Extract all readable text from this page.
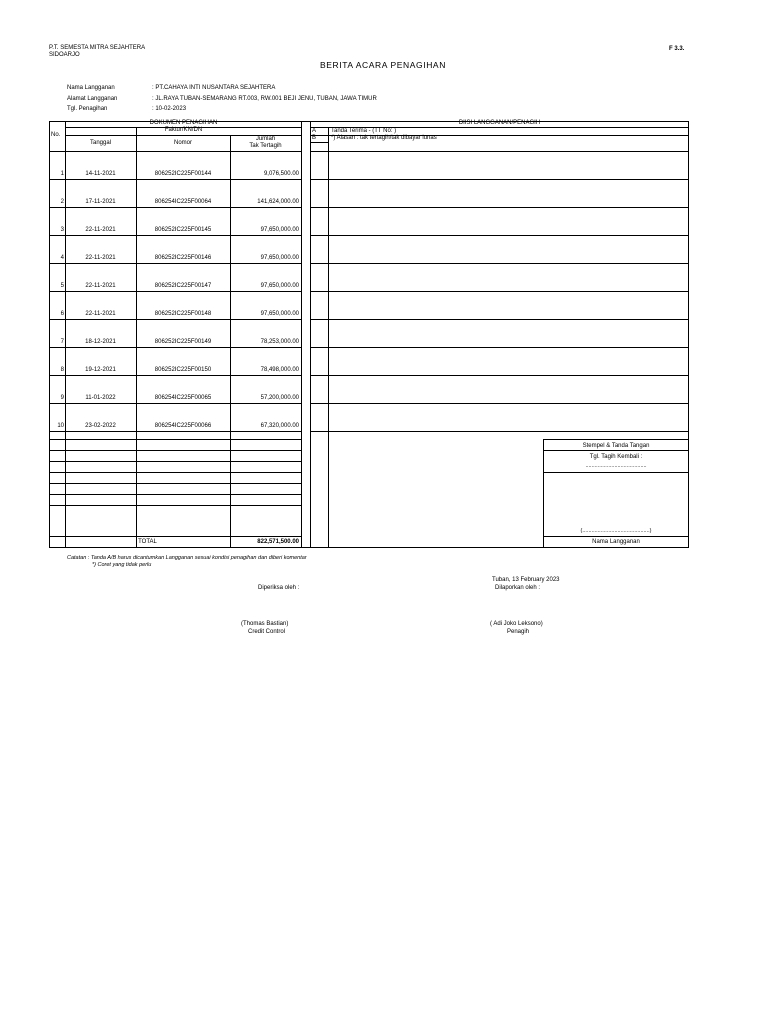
P.T. SEMESTA MITRA SEJAHTERA
SIDOARJO
F 3.3.
BERITA ACARA PENAGIHAN
Nama Langganan	: PT.CAHAYA INTI NUSANTARA SEJAHTERA
Alamat Langganan	: JL.RAYA TUBAN-SEMARANG RT.003, RW.001 BEJI JENU, TUBAN, JAWA TIMUR
Tgl. Penagihan	: 10-02-2023
No.
DOKUMEN PENAGIHAN
Faktur/KN/DN
Tanggal	Nomor
Jumlah
Tak Tertagih
DIISI LANGGANAN/PENAGIH
A Tanda Terima - (TT No: )
B *) Alasan : tak tertagih/tak dibayar lunas
1	14-11-2021	806252IC225F00144	9,076,500.00
2	17-11-2021	806254IC225F00064	141,624,000.00
3	22-11-2021	806252IC225F00145	97,650,000.00
4	22-11-2021	806252IC225F00146	97,650,000.00
5	22-11-2021	806252IC225F00147	97,650,000.00
6	22-11-2021	806252IC225F00148	97,650,000.00
7	18-12-2021	806252IC225F00149	78,253,000.00
8	19-12-2021	806252IC225F00150	78,498,000.00
9	11-01-2022	806254IC225F00065	57,200,000.00
10	23-02-2022	806254IC225F00066	67,320,000.00
TOTAL	822,571,500.00
Stempel & Tanda Tangan
Tgl. Tagih Kembali :
........................................
(............................................)
Nama Langganan
Catatan : Tanda A/B harus dicantumkan Langganan sesuai kondisi penagihan dan diberi komentar
*) Coret yang tidak perlu
Tuban, 13 February 2023
Diperiksa oleh :	Dilaporkan oleh :
(Thomas Bastian)
Credit Control
( Adi Joko Leksono)
Penagih
